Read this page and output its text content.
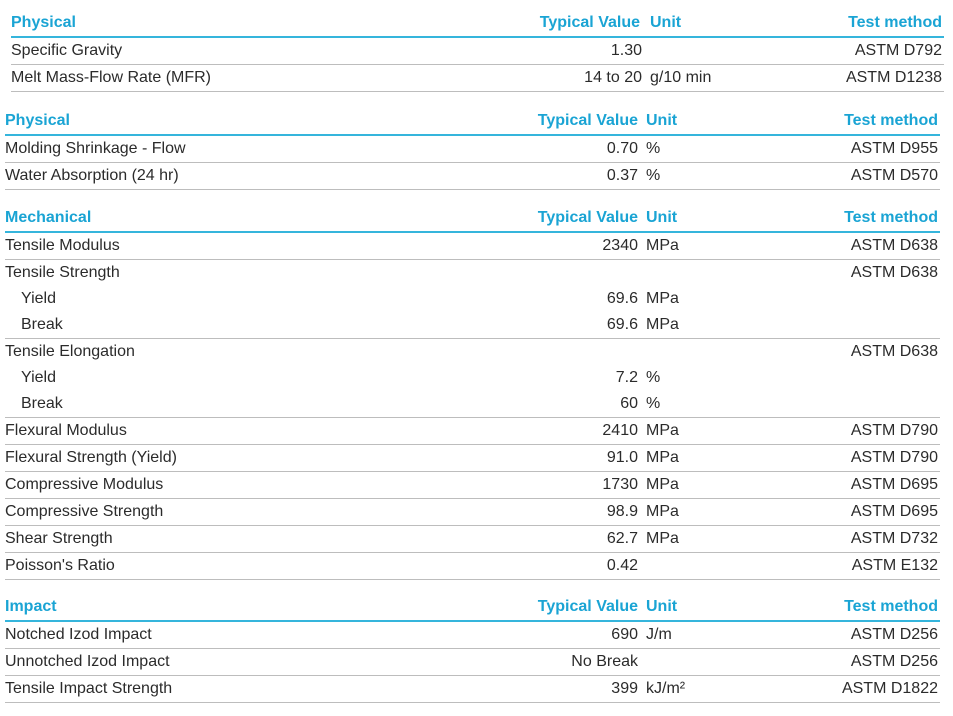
Physical	Typical Value Unit	Test method
Specific Gravity	1.30	ASTM D792
Melt Mass-Flow Rate (MFR)	14 to 20 g/10 min	ASTM D1238
Physical	Typical Value Unit	Test method
Molding Shrinkage - Flow	0.70 %	ASTM D955
Water Absorption (24 hr)	0.37 %	ASTM D570
Mechanical	Typical Value Unit	Test method
Tensile Modulus	2340 MPa	ASTM D638
Tensile Strength	ASTM D638
Yield	69.6 MPa
Break	69.6 MPa
Tensile Elongation	ASTM D638
Yield	7.2 %
Break	60 %
Flexural Modulus	2410 MPa	ASTM D790
Flexural Strength (Yield)	91.0 MPa	ASTM D790
Compressive Modulus	1730 MPa	ASTM D695
Compressive Strength	98.9 MPa	ASTM D695
Shear Strength	62.7 MPa	ASTM D732
Poisson's Ratio	0.42	ASTM E132
Impact	Typical Value Unit	Test method
Notched Izod Impact	690 J/m	ASTM D256
Unnotched Izod Impact	No Break	ASTM D256
Tensile Impact Strength	399 kJ/m²	ASTM D1822
